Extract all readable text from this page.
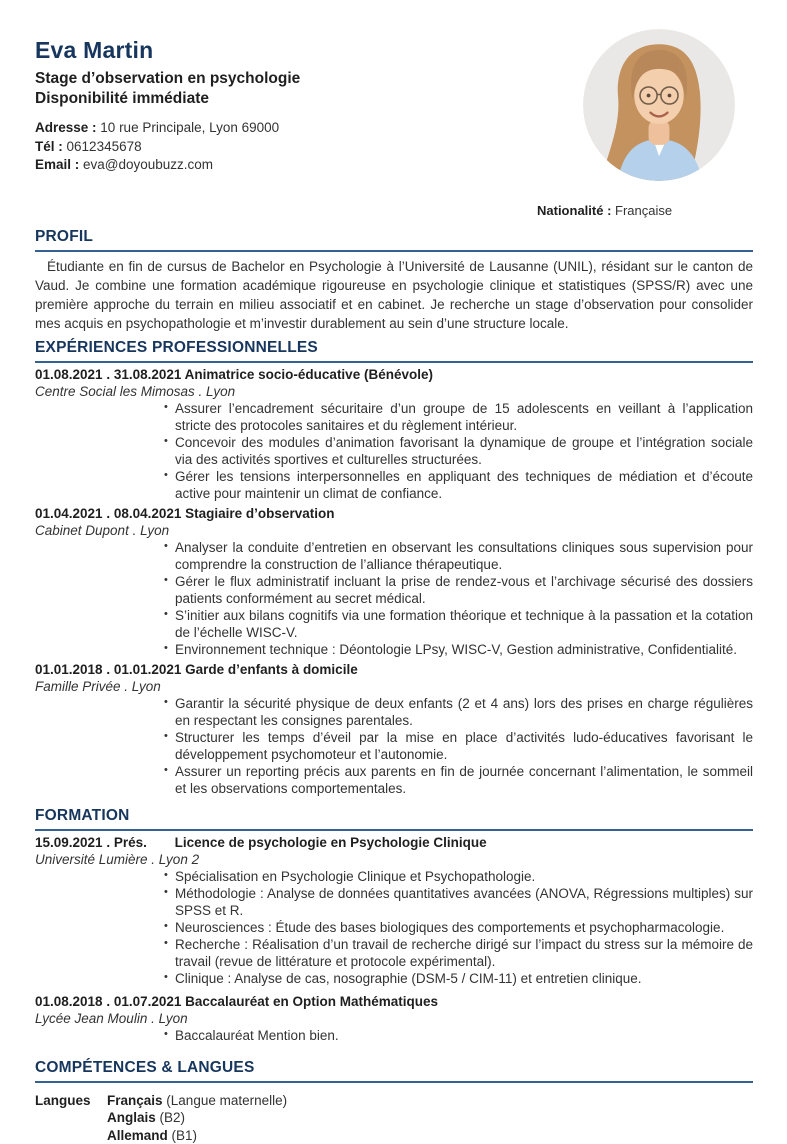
Eva Martin
Stage d’observation en psychologie
Disponibilité immédiate
Adresse : 10 rue Principale, Lyon 69000
Tél : 0612345678
Email : eva@doyoubuzz.com
Nationalité : Française
PROFIL

Étudiante en fin de cursus de Bachelor en Psychologie à l’Université de Lausanne (UNIL), résidant sur le canton de Vaud. Je combine une formation académique rigoureuse en psychologie clinique et statistiques (SPSS/R) avec une première approche du terrain en milieu associatif et en cabinet. Je recherche un stage d’observation pour consolider mes acquis en psychopathologie et m’investir durablement au sein d’une structure locale.

EXPÉRIENCES PROFESSIONNELLES
01.08.2021 . 31.08.2021 Animatrice socio-éducative (Bénévole)
Centre Social les Mimosas . Lyon
• Assurer l’encadrement sécuritaire d’un groupe de 15 adolescents en veillant à l’application stricte des protocoles sanitaires et du règlement intérieur.
• Concevoir des modules d’animation favorisant la dynamique de groupe et l’intégration sociale via des activités sportives et culturelles structurées.
• Gérer les tensions interpersonnelles en appliquant des techniques de médiation et d’écoute active pour maintenir un climat de confiance.
01.04.2021 . 08.04.2021 Stagiaire d’observation
Cabinet Dupont . Lyon
• Analyser la conduite d’entretien en observant les consultations cliniques sous supervision pour comprendre la construction de l’alliance thérapeutique.
• Gérer le flux administratif incluant la prise de rendez-vous et l’archivage sécurisé des dossiers patients conformément au secret médical.
• S’initier aux bilans cognitifs via une formation théorique et technique à la passation et la cotation de l’échelle WISC-V.
• Environnement technique : Déontologie LPsy, WISC-V, Gestion administrative, Confidentialité.
01.01.2018 . 01.01.2021 Garde d’enfants à domicile
Famille Privée . Lyon
• Garantir la sécurité physique de deux enfants (2 et 4 ans) lors des prises en charge régulières en respectant les consignes parentales.
• Structurer les temps d’éveil par la mise en place d’activités ludo-éducatives favorisant le développement psychomoteur et l’autonomie.
• Assurer un reporting précis aux parents en fin de journée concernant l’alimentation, le sommeil et les observations comportementales.
FORMATION
15.09.2021 . Prés. Licence de psychologie en Psychologie Clinique
Université Lumière . Lyon 2
• Spécialisation en Psychologie Clinique et Psychopathologie.
• Méthodologie : Analyse de données quantitatives avancées (ANOVA, Régressions multiples) sur SPSS et R.
• Neurosciences : Étude des bases biologiques des comportements et psychopharmacologie.
• Recherche : Réalisation d’un travail de recherche dirigé sur l’impact du stress sur la mémoire de travail (revue de littérature et protocole expérimental).
• Clinique : Analyse de cas, nosographie (DSM-5 / CIM-11) et entretien clinique.
01.08.2018 . 01.07.2021 Baccalauréat en Option Mathématiques
Lycée Jean Moulin . Lyon
• Baccalauréat Mention bien.
COMPÉTENCES & LANGUES
Langues	Français (Langue maternelle)
Anglais (B2)
Allemand (B1)
